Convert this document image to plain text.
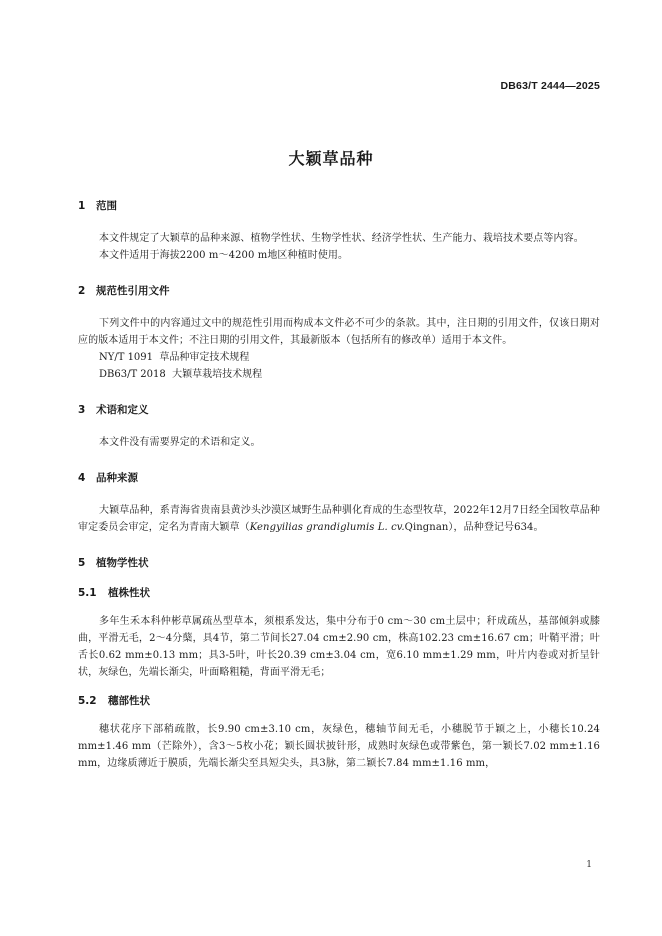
DB63/T 2444—2025
大颖草品种
1 范围
本文件规定了大颖草的品种来源、植物学性状、生物学性状、经济学性状、生产能力、栽培技术要点等内容。
本文件适用于海拔2200 m～4200 m地区种植时使用。
2 规范性引用文件
下列文件中的内容通过文中的规范性引用而构成本文件必不可少的条款。其中，注日期的引用文件，仅该日期对应的版本适用于本文件；不注日期的引用文件，其最新版本（包括所有的修改单）适用于本文件。
NY/T 1091 草品种审定技术规程
DB63/T 2018 大颖草栽培技术规程
3 术语和定义
本文件没有需要界定的术语和定义。
4 品种来源
大颖草品种，系青海省贵南县黄沙头沙漠区域野生品种驯化育成的生态型牧草，2022年12月7日经全国牧草品种审定委员会审定，定名为青南大颖草（Kengyilias grandiglumis L. cv.Qingnan），品种登记号634。
5 植物学性状
5.1 植株性状
多年生禾本科仲彬草属疏丛型草本，须根系发达，集中分布于0 cm～30 cm土层中；秆成疏丛，基部倾斜或膝曲，平滑无毛，2～4分蘖，具4节，第二节间长27.04 cm±2.90 cm，株高102.23 cm±16.67 cm；叶鞘平滑；叶舌长0.62 mm±0.13 mm；具3-5叶，叶长20.39 cm±3.04 cm，宽6.10 mm±1.29 mm，叶片内卷或对折呈针状，灰绿色，先端长渐尖，叶面略粗糙，背面平滑无毛；
5.2 穗部性状
穗状花序下部稍疏散，长9.90 cm±3.10 cm，灰绿色，穗轴节间无毛，小穗脱节于颖之上，小穗长10.24 mm±1.46 mm（芒除外），含3～5枚小花；颖长圆状披针形，成熟时灰绿色或带紫色，第一颖长7.02 mm±1.16 mm，边缘质薄近于膜质，先端长渐尖至具短尖头，具3脉，第二颖长7.84 mm±1.16 mm，
1
